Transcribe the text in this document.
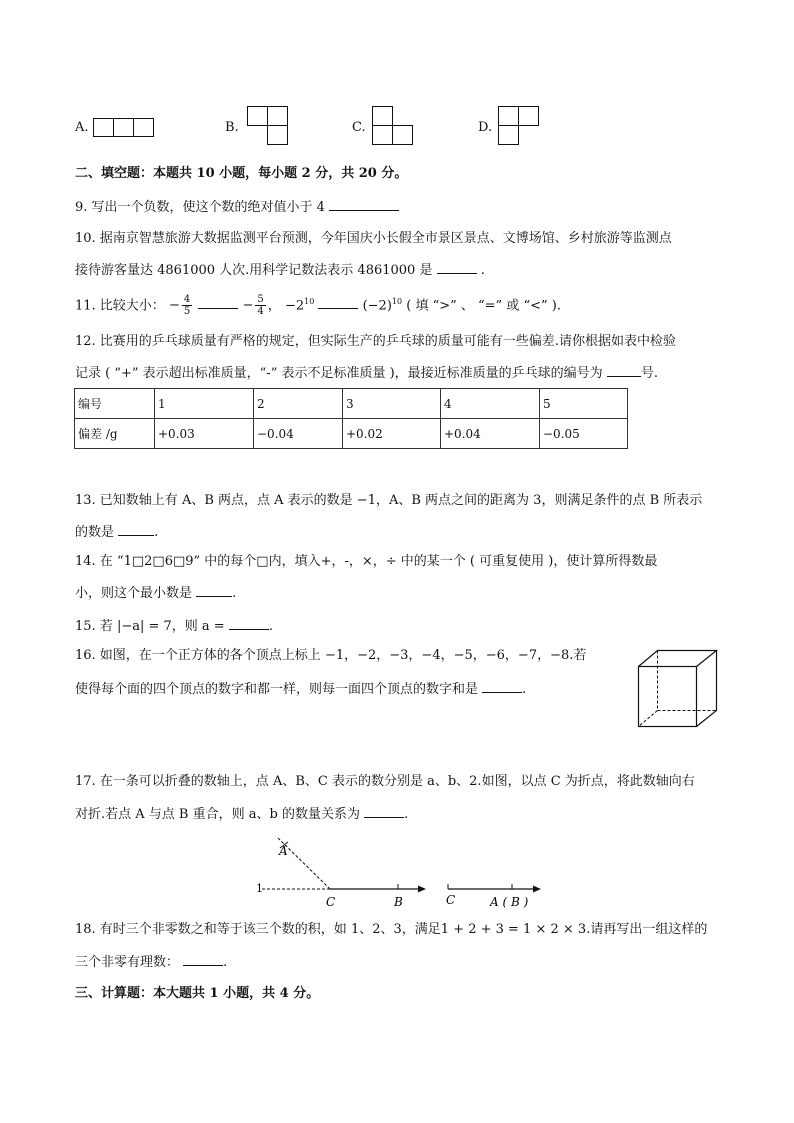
A.	B.	C.	D.
二、填空题：本题共 10 小题，每小题 2 分，共 20 分。
9. 写出一个负数，使这个数的绝对值小于 4
10. 据南京智慧旅游大数据监测平台预测，今年国庆小长假全市景区景点、文博场馆、乡村旅游等监测点
接待游客量达 4861000 人次.用科学记数法表示 4861000 是	.
11. 比较大小： − $\frac{4}{5}$	− $\frac{5}{4}$ ， $-2^{10}$	$(-2)^{10}$ ( 填 “>” 、 “=” 或 “<” ).
12. 比赛用的乒乓球质量有严格的规定，但实际生产的乒乓球的质量可能有一些偏差.请你根据如表中检验
记录 ( “+” 表示超出标准质量，“-” 表示不足标准质量 )，最接近标准质量的乒乓球的编号为	号.
编号	1	2	3	4	5
偏差 /g	+0.03	−0.04	+0.02	+0.04	−0.05
13. 已知数轴上有 A、B 两点，点 A 表示的数是 −1，A、B 两点之间的距离为 3，则满足条件的点 B 所表示
的数是	.
14. 在 “1□2□6□9” 中的每个□内，填入+，-，×，÷ 中的某一个 ( 可重复使用 )，使计算所得数最
小，则这个最小数是	.
15. 若 |−a| = 7，则 a =	.
16. 如图，在一个正方体的各个顶点上标上 −1，−2，−3，−4，−5，−6，−7，−8.若
使得每个面的四个顶点的数字和都一样，则每一面四个顶点的数字和是	.
17. 在一条可以折叠的数轴上，点 A、B、C 表示的数分别是 a、b、2.如图，以点 C 为折点，将此数轴向右
对折.若点 A 与点 B 重合，则 a、b 的数量关系为	.
A
1
C	B	C	A ( B )
18. 有时三个非零数之和等于该三个数的积，如 1、2、3，满足1 + 2 + 3 = 1 × 2 × 3.请再写出一组这样的
三个非零有理数：	.
三、计算题：本大题共 1 小题，共 4 分。
